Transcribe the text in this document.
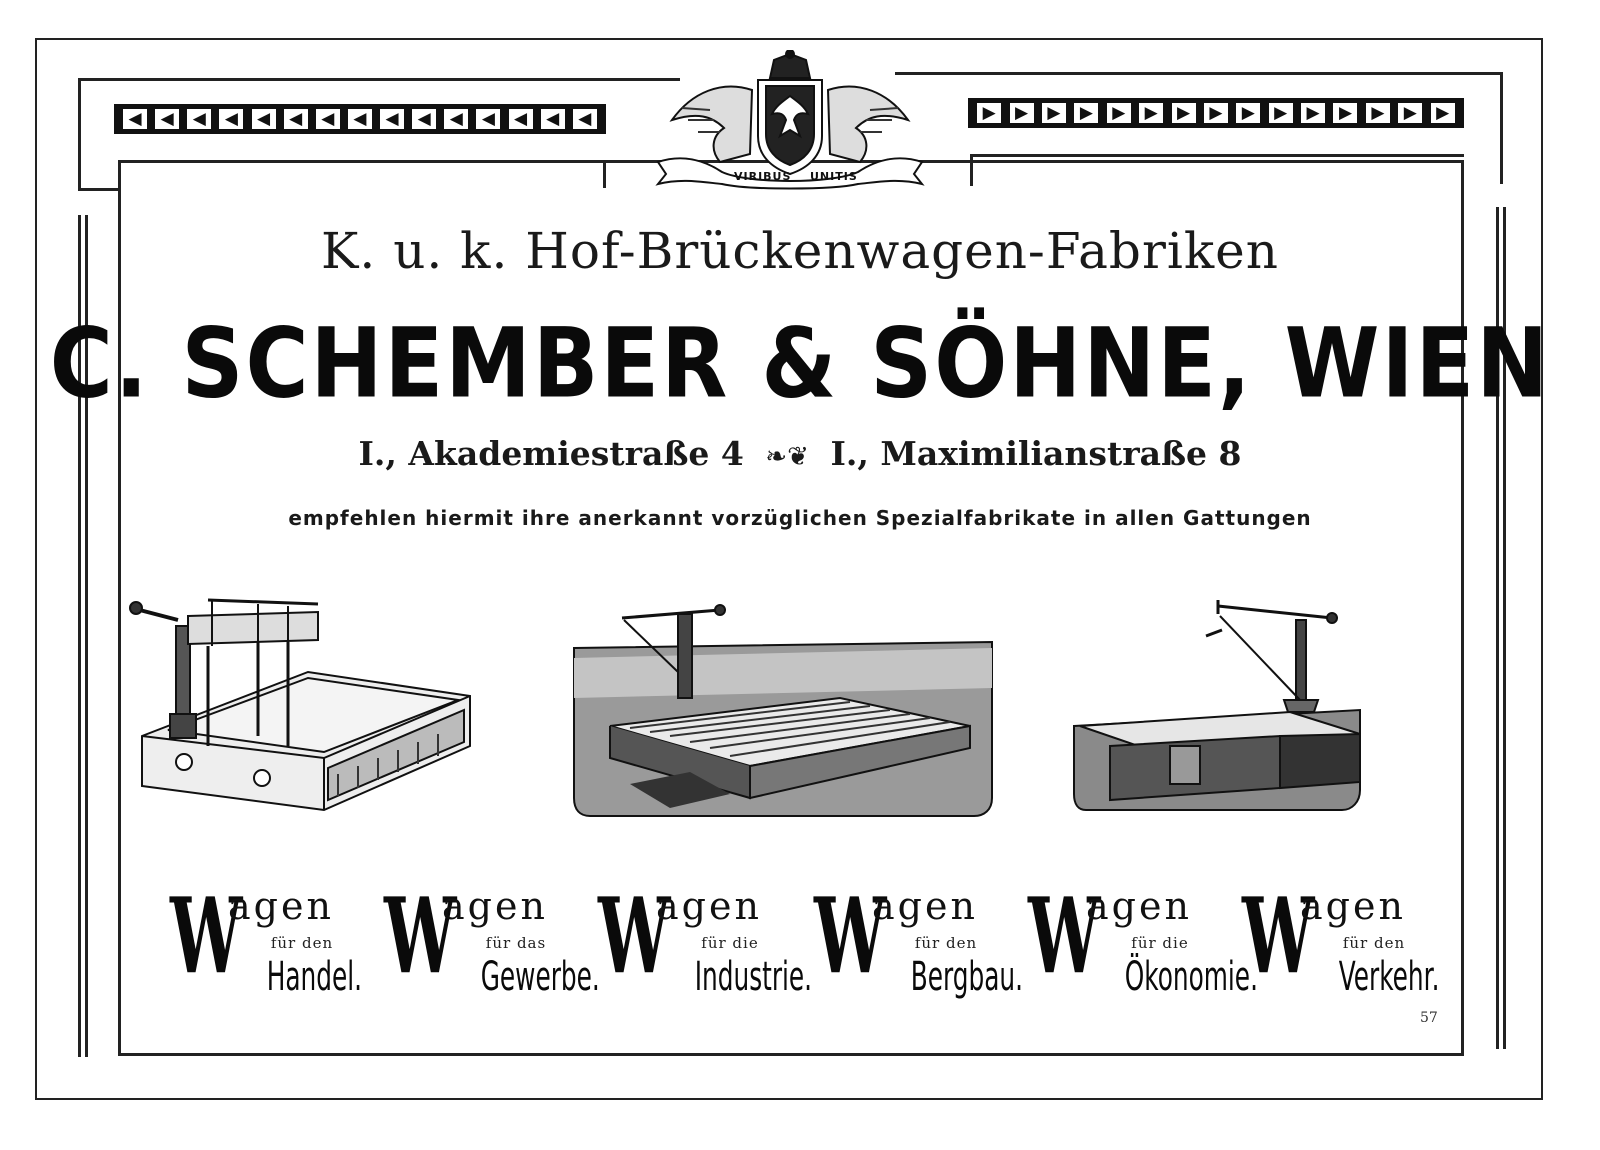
◀	◀	◀	◀	◀	◀	◀	◀	◀	◀	◀	◀	◀	◀	◀	▶	▶	▶	▶	▶	▶	▶	▶	▶	▶	▶	▶	▶	▶	▶
VIRIBUS UNITIS
K. u. k. Hof-Brückenwagen-Fabriken
C. SCHEMBER & SÖHNE, WIEN
I., Akademiestraße 4 ❧❦ I., Maximilianstraße 8
empfehlen hiermit ihre anerkannt vorzüglichen Spezialfabrikate in allen Gattungen
W
agen
für den
Handel. W
agen
für das
Gewerbe.
W
agen
für die
Industrie. W
agen
für den
Bergbau. W
agen
für die
Ökonomie.
W
agen
für den
Verkehr.
57
